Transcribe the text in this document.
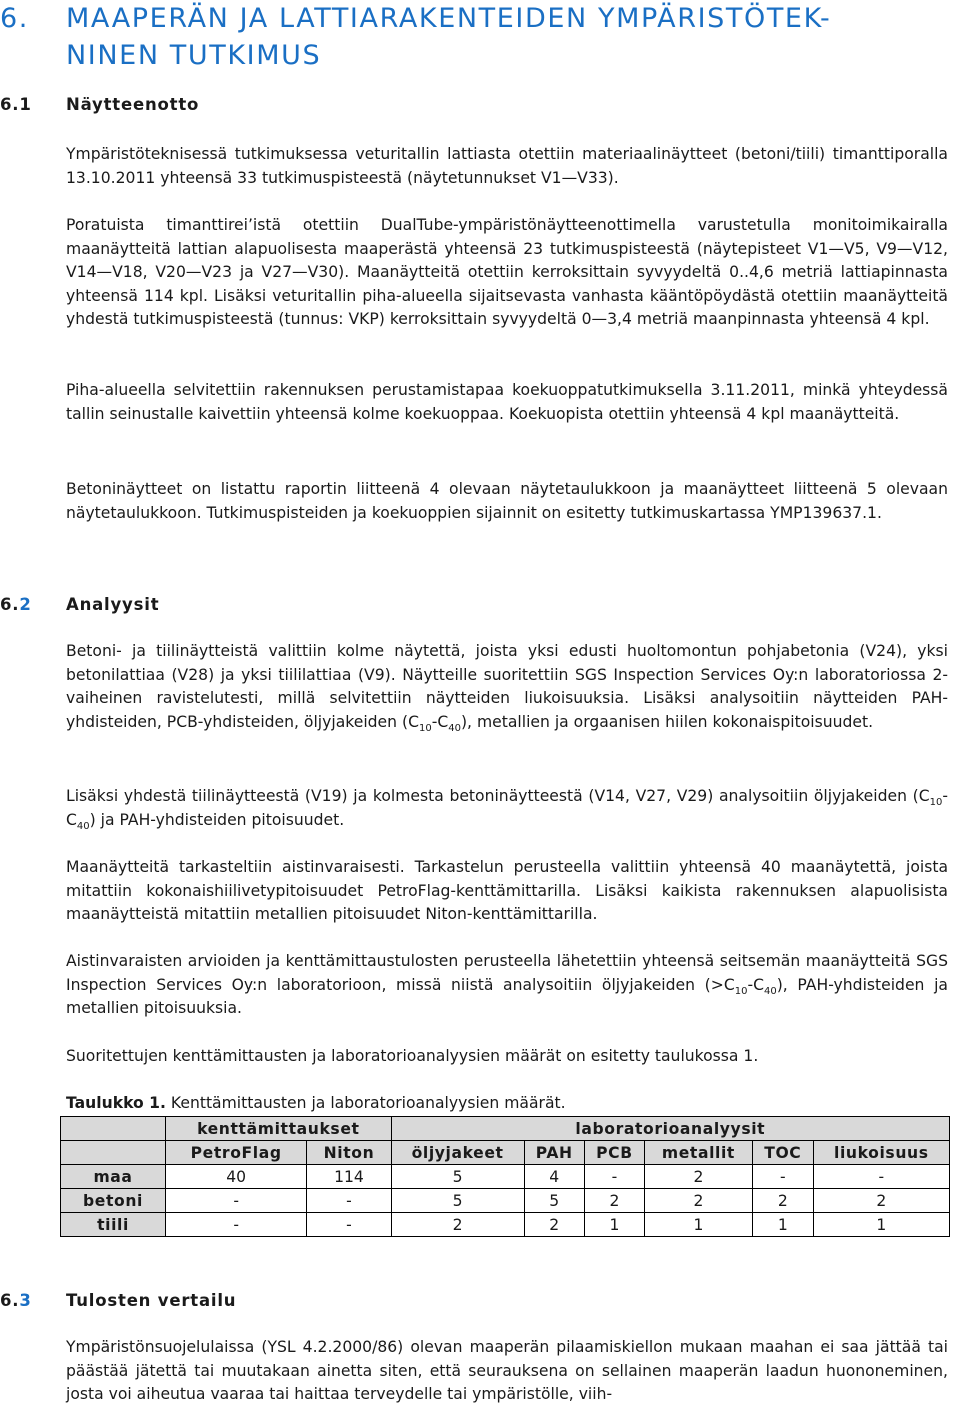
6. MAAPERÄN JA LATTIARAKENTEIDEN YMPÄRISTÖTEK-
NINEN TUTKIMUS
6.1 Näytteenotto
Ympäristöteknisessä tutkimuksessa veturitallin lattiasta otettiin materiaalinäytteet (betoni/tiili) timanttiporalla 13.10.2011 yhteensä 33 tutkimuspisteestä (näytetunnukset V1—V33).
Poratuista timanttirei’istä otettiin DualTube-ympäristönäytteenottimella varustetulla monitoimikairalla maanäytteitä lattian alapuolisesta maaperästä yhteensä 23 tutkimuspisteestä (näytepisteet V1—V5, V9—V12, V14—V18, V20—V23 ja V27—V30). Maanäytteitä otettiin kerroksittain syvyydeltä 0..4,6 metriä lattiapinnasta yhteensä 114 kpl. Lisäksi veturitallin piha-alueella sijaitsevasta vanhasta kääntöpöydästä otettiin maanäytteitä yhdestä tutkimuspisteestä (tunnus: VKP) kerroksittain syvyydeltä 0—3,4 metriä maanpinnasta yhteensä 4 kpl.
Piha-alueella selvitettiin rakennuksen perustamistapaa koekuoppatutkimuksella 3.11.2011, minkä yhteydessä tallin seinustalle kaivettiin yhteensä kolme koekuoppaa. Koekuopista otettiin yhteensä 4 kpl maanäytteitä.
Betoninäytteet on listattu raportin liitteenä 4 olevaan näytetaulukkoon ja maanäytteet liitteenä 5 olevaan näytetaulukkoon. Tutkimuspisteiden ja koekuoppien sijainnit on esitetty tutkimuskartassa YMP139637.1.
6.2 Analyysit
Betoni- ja tiilinäytteistä valittiin kolme näytettä, joista yksi edusti huoltomontun pohjabetonia (V24), yksi betonilattiaa (V28) ja yksi tiililattiaa (V9). Näytteille suoritettiin SGS Inspection Services Oy:n laboratoriossa 2-vaiheinen ravistelutesti, millä selvitettiin näytteiden liukoisuuksia. Lisäksi analysoitiin näytteiden PAH-yhdisteiden, PCB-yhdisteiden, öljyjakeiden $(C_{10}-C_{40})$, metallien ja orgaanisen hiilen kokonaispitoisuudet.
Lisäksi yhdestä tiilinäytteestä (V19) ja kolmesta betoninäytteestä (V14, V27, V29) analysoitiin öljyjakeiden $(C_{10}-C_{40})$ ja PAH-yhdisteiden pitoisuudet.
Maanäytteitä tarkasteltiin aistinvaraisesti. Tarkastelun perusteella valittiin yhteensä 40 maanäytettä, joista mitattiin kokonaishiilivetypitoisuudet PetroFlag-kenttämittarilla. Lisäksi kaikista rakennuksen alapuolisista maanäytteistä mitattiin metallien pitoisuudet Niton-kenttämittarilla.
Aistinvaraisten arvioiden ja kenttämittaustulosten perusteella lähetettiin yhteensä seitsemän maanäytteitä SGS Inspection Services Oy:n laboratorioon, missä niistä analysoitiin öljyjakeiden $(>C_{10}-C_{40})$, PAH-yhdisteiden ja metallien pitoisuuksia.
Suoritettujen kenttämittausten ja laboratorioanalyysien määrät on esitetty taulukossa 1.
Taulukko 1. Kenttämittausten ja laboratorioanalyysien määrät.
	kenttämittaukset		laboratorioanalyysit					
	PetroFlag	Niton	öljyjakeet	PAH	PCB	metallit	TOC	liukoisuus
maa	40	114	5	4	-	2	-	-
betoni	-	-	5	5	2	2	2	2
tiili	-	-	2	2	1	1	1	1
6.3 Tulosten vertailu
Ympäristönsuojelulaissa (YSL 4.2.2000/86) olevan maaperän pilaamiskiellon mukaan maahan ei saa jättää tai päästää jätettä tai muutakaan ainetta siten, että seurauksena on sellainen maaperän laadun huononeminen, josta voi aiheutua vaaraa tai haittaa terveydelle tai ympäristölle, viih-
